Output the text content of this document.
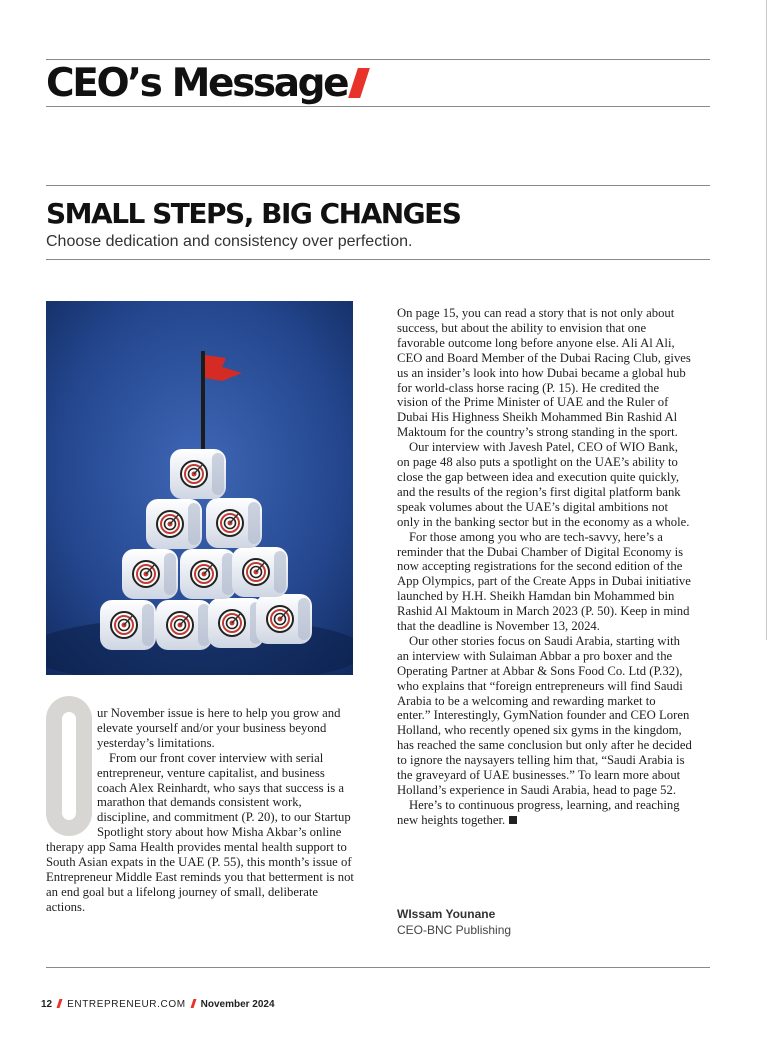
CEO’s Message
SMALL STEPS, BIG CHANGES

Choose dedication and consistency over perfection.

ur November issue is here to help you grow and elevate yourself and/or your business beyond yesterday’s limitations.

From our front cover interview with serial entrepreneur, venture capitalist, and business coach Alex Reinhardt, who says that success is a marathon that demands consistent work, discipline, and commitment (P. 20), to our Startup Spotlight story about how Misha Akbar’s online therapy app Sama Health provides mental health support to South Asian expats in the UAE (P. 55), this month’s issue of Entrepreneur Middle East reminds you that betterment is not an end goal but a lifelong journey of small, deliberate actions.

On page 15, you can read a story that is not only about success, but about the ability to envision that one favorable outcome long before anyone else. Ali Al Ali, CEO and Board Member of the Dubai Racing Club, gives us an insider’s look into how Dubai became a global hub for world-class horse racing (P. 15). He credited the vision of the Prime Minister of UAE and the Ruler of Dubai His Highness Sheikh Mohammed Bin Rashid Al Maktoum for the country’s strong standing in the sport.

Our interview with Javesh Patel, CEO of WIO Bank, on page 48 also puts a spotlight on the UAE’s ability to close the gap between idea and execution quite quickly, and the results of the region’s first digital platform bank speak volumes about the UAE’s digital ambitions not only in the banking sector but in the economy as a whole.

For those among you who are tech-savvy, here’s a reminder that the Dubai Chamber of Digital Economy is now accepting registrations for the second edition of the App Olympics, part of the Create Apps in Dubai initiative launched by H.H. Sheikh Hamdan bin Mohammed bin Rashid Al Maktoum in March 2023 (P. 50). Keep in mind that the deadline is November 13, 2024.

Our other stories focus on Saudi Arabia, starting with an interview with Sulaiman Abbar a pro boxer and the Operating Partner at Abbar & Sons Food Co. Ltd (P.32), who explains that “foreign entrepreneurs will find Saudi Arabia to be a welcoming and rewarding market to enter.” Interestingly, GymNation founder and CEO Loren Holland, who recently opened six gyms in the kingdom, has reached the same conclusion but only after he decided to ignore the naysayers telling him that, “Saudi Arabia is the graveyard of UAE businesses.” To learn more about Holland’s experience in Saudi Arabia, head to page 52.

Here’s to continuous progress, learning, and reaching new heights together.

WIssam Younane

CEO-BNC Publishing

12 ENTREPRENEUR.COM November 2024
